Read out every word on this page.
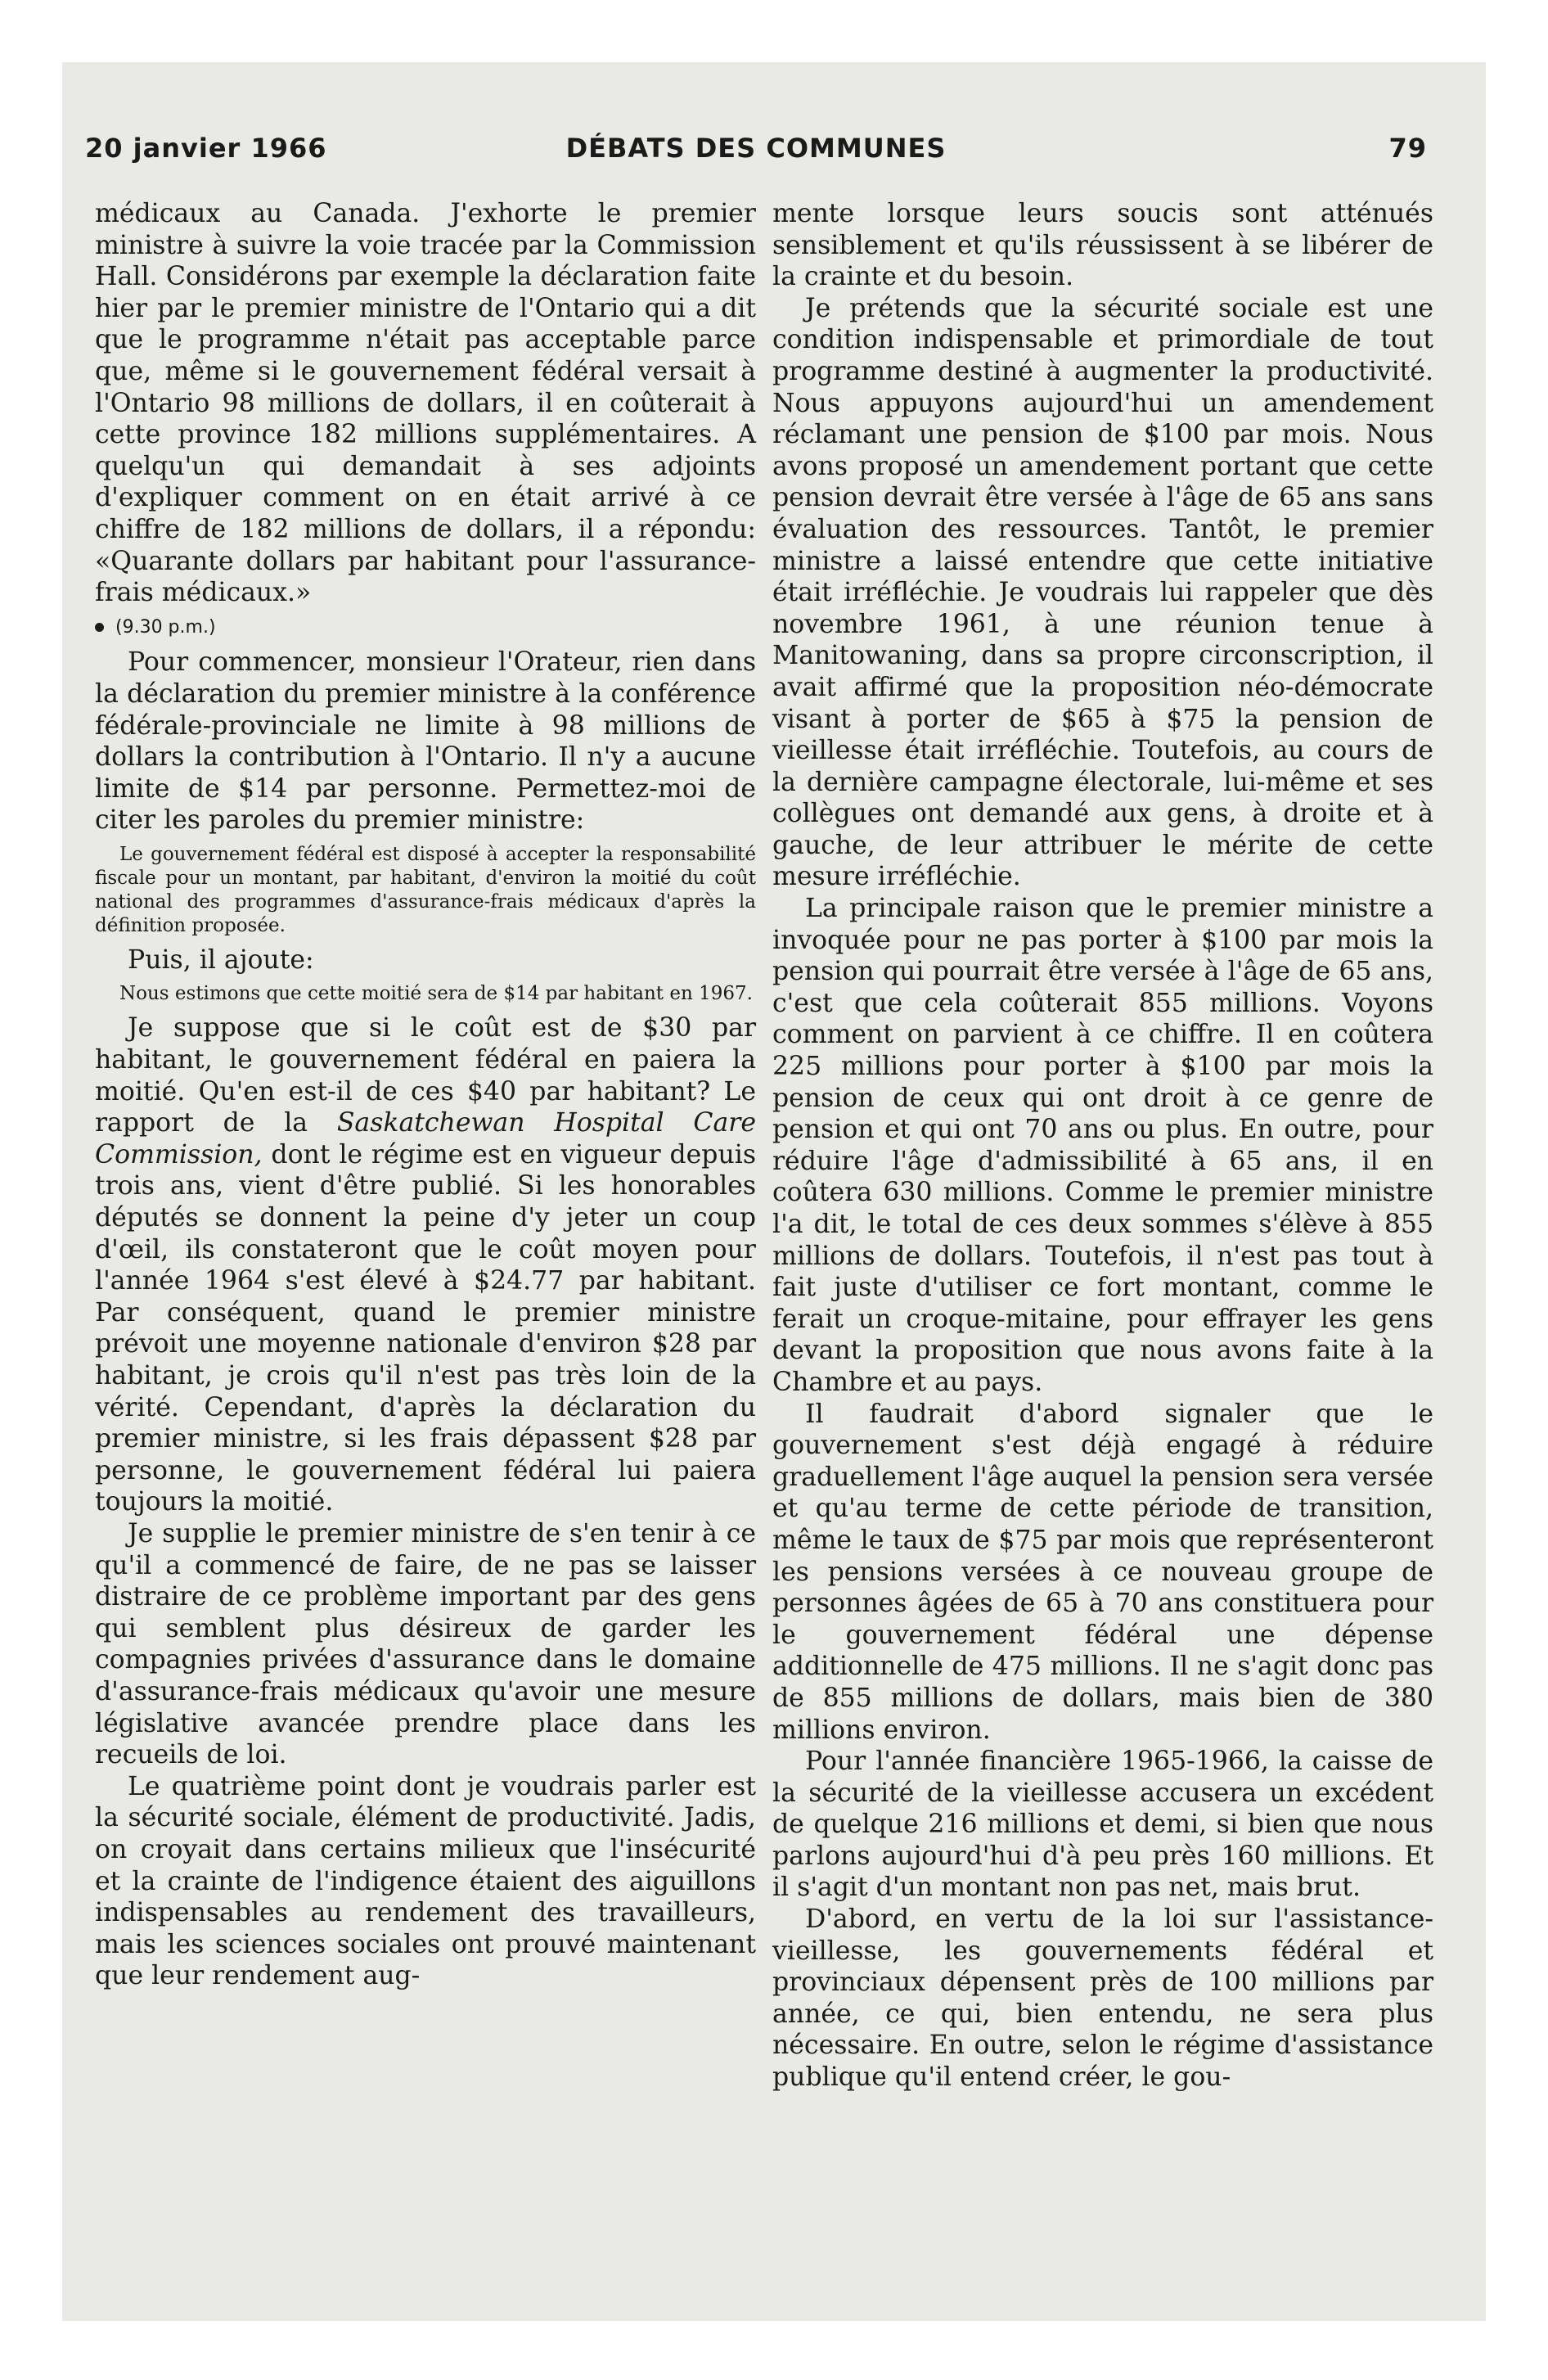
20 janvier 1966	DÉBATS DES COMMUNES	79

médicaux au Canada. J'exhorte le premier ministre à suivre la voie tracée par la Commission Hall. Considérons par exemple la déclaration faite hier par le premier ministre de l'Ontario qui a dit que le programme n'était pas acceptable parce que, même si le gouvernement fédéral versait à l'Ontario 98 millions de dollars, il en coûterait à cette province 182 millions supplémentaires. A quelqu'un qui demandait à ses adjoints d'expliquer comment on en était arrivé à ce chiffre de 182 millions de dollars, il a répondu: «Quarante dollars par habitant pour l'assurance-frais médicaux.»

(9.30 p.m.)

Pour commencer, monsieur l'Orateur, rien dans la déclaration du premier ministre à la conférence fédérale-provinciale ne limite à 98 millions de dollars la contribution à l'Ontario. Il n'y a aucune limite de $14 par personne. Permettez-moi de citer les paroles du premier ministre:

Le gouvernement fédéral est disposé à accepter la responsabilité fiscale pour un montant, par habitant, d'environ la moitié du coût national des programmes d'assurance-frais médicaux d'après la définition proposée.

Puis, il ajoute:

Nous estimons que cette moitié sera de $14 par habitant en 1967.

Je suppose que si le coût est de $30 par habitant, le gouvernement fédéral en paiera la moitié. Qu'en est-il de ces $40 par habitant? Le rapport de la Saskatchewan Hospital Care Commission, dont le régime est en vigueur depuis trois ans, vient d'être publié. Si les honorables députés se donnent la peine d'y jeter un coup d'œil, ils constateront que le coût moyen pour l'année 1964 s'est élevé à $24.77 par habitant. Par conséquent, quand le premier ministre prévoit une moyenne nationale d'environ $28 par habitant, je crois qu'il n'est pas très loin de la vérité. Cependant, d'après la déclaration du premier ministre, si les frais dépassent $28 par personne, le gouvernement fédéral lui paiera toujours la moitié.

Je supplie le premier ministre de s'en tenir à ce qu'il a commencé de faire, de ne pas se laisser distraire de ce problème important par des gens qui semblent plus désireux de garder les compagnies privées d'assurance dans le domaine d'assurance-frais médicaux qu'avoir une mesure législative avancée prendre place dans les recueils de loi.

Le quatrième point dont je voudrais parler est la sécurité sociale, élément de productivité. Jadis, on croyait dans certains milieux que l'insécurité et la crainte de l'indigence étaient des aiguillons indispensables au rendement des travailleurs, mais les sciences sociales ont prouvé maintenant que leur rendement aug-

mente lorsque leurs soucis sont atténués sensiblement et qu'ils réussissent à se libérer de la crainte et du besoin.

Je prétends que la sécurité sociale est une condition indispensable et primordiale de tout programme destiné à augmenter la productivité. Nous appuyons aujourd'hui un amendement réclamant une pension de $100 par mois. Nous avons proposé un amendement portant que cette pension devrait être versée à l'âge de 65 ans sans évaluation des ressources. Tantôt, le premier ministre a laissé entendre que cette initiative était irréfléchie. Je voudrais lui rappeler que dès novembre 1961, à une réunion tenue à Manitowaning, dans sa propre circonscription, il avait affirmé que la proposition néo-démocrate visant à porter de $65 à $75 la pension de vieillesse était irréfléchie. Toutefois, au cours de la dernière campagne électorale, lui-même et ses collègues ont demandé aux gens, à droite et à gauche, de leur attribuer le mérite de cette mesure irréfléchie.

La principale raison que le premier ministre a invoquée pour ne pas porter à $100 par mois la pension qui pourrait être versée à l'âge de 65 ans, c'est que cela coûterait 855 millions. Voyons comment on parvient à ce chiffre. Il en coûtera 225 millions pour porter à $100 par mois la pension de ceux qui ont droit à ce genre de pension et qui ont 70 ans ou plus. En outre, pour réduire l'âge d'admissibilité à 65 ans, il en coûtera 630 millions. Comme le premier ministre l'a dit, le total de ces deux sommes s'élève à 855 millions de dollars. Toutefois, il n'est pas tout à fait juste d'utiliser ce fort montant, comme le ferait un croque-mitaine, pour effrayer les gens devant la proposition que nous avons faite à la Chambre et au pays.

Il faudrait d'abord signaler que le gouvernement s'est déjà engagé à réduire graduellement l'âge auquel la pension sera versée et qu'au terme de cette période de transition, même le taux de $75 par mois que représenteront les pensions versées à ce nouveau groupe de personnes âgées de 65 à 70 ans constituera pour le gouvernement fédéral une dépense additionnelle de 475 millions. Il ne s'agit donc pas de 855 millions de dollars, mais bien de 380 millions environ.

Pour l'année financière 1965-1966, la caisse de la sécurité de la vieillesse accusera un excédent de quelque 216 millions et demi, si bien que nous parlons aujourd'hui d'à peu près 160 millions. Et il s'agit d'un montant non pas net, mais brut.

D'abord, en vertu de la loi sur l'assistance-vieillesse, les gouvernements fédéral et provinciaux dépensent près de 100 millions par année, ce qui, bien entendu, ne sera plus nécessaire. En outre, selon le régime d'assistance publique qu'il entend créer, le gou-
